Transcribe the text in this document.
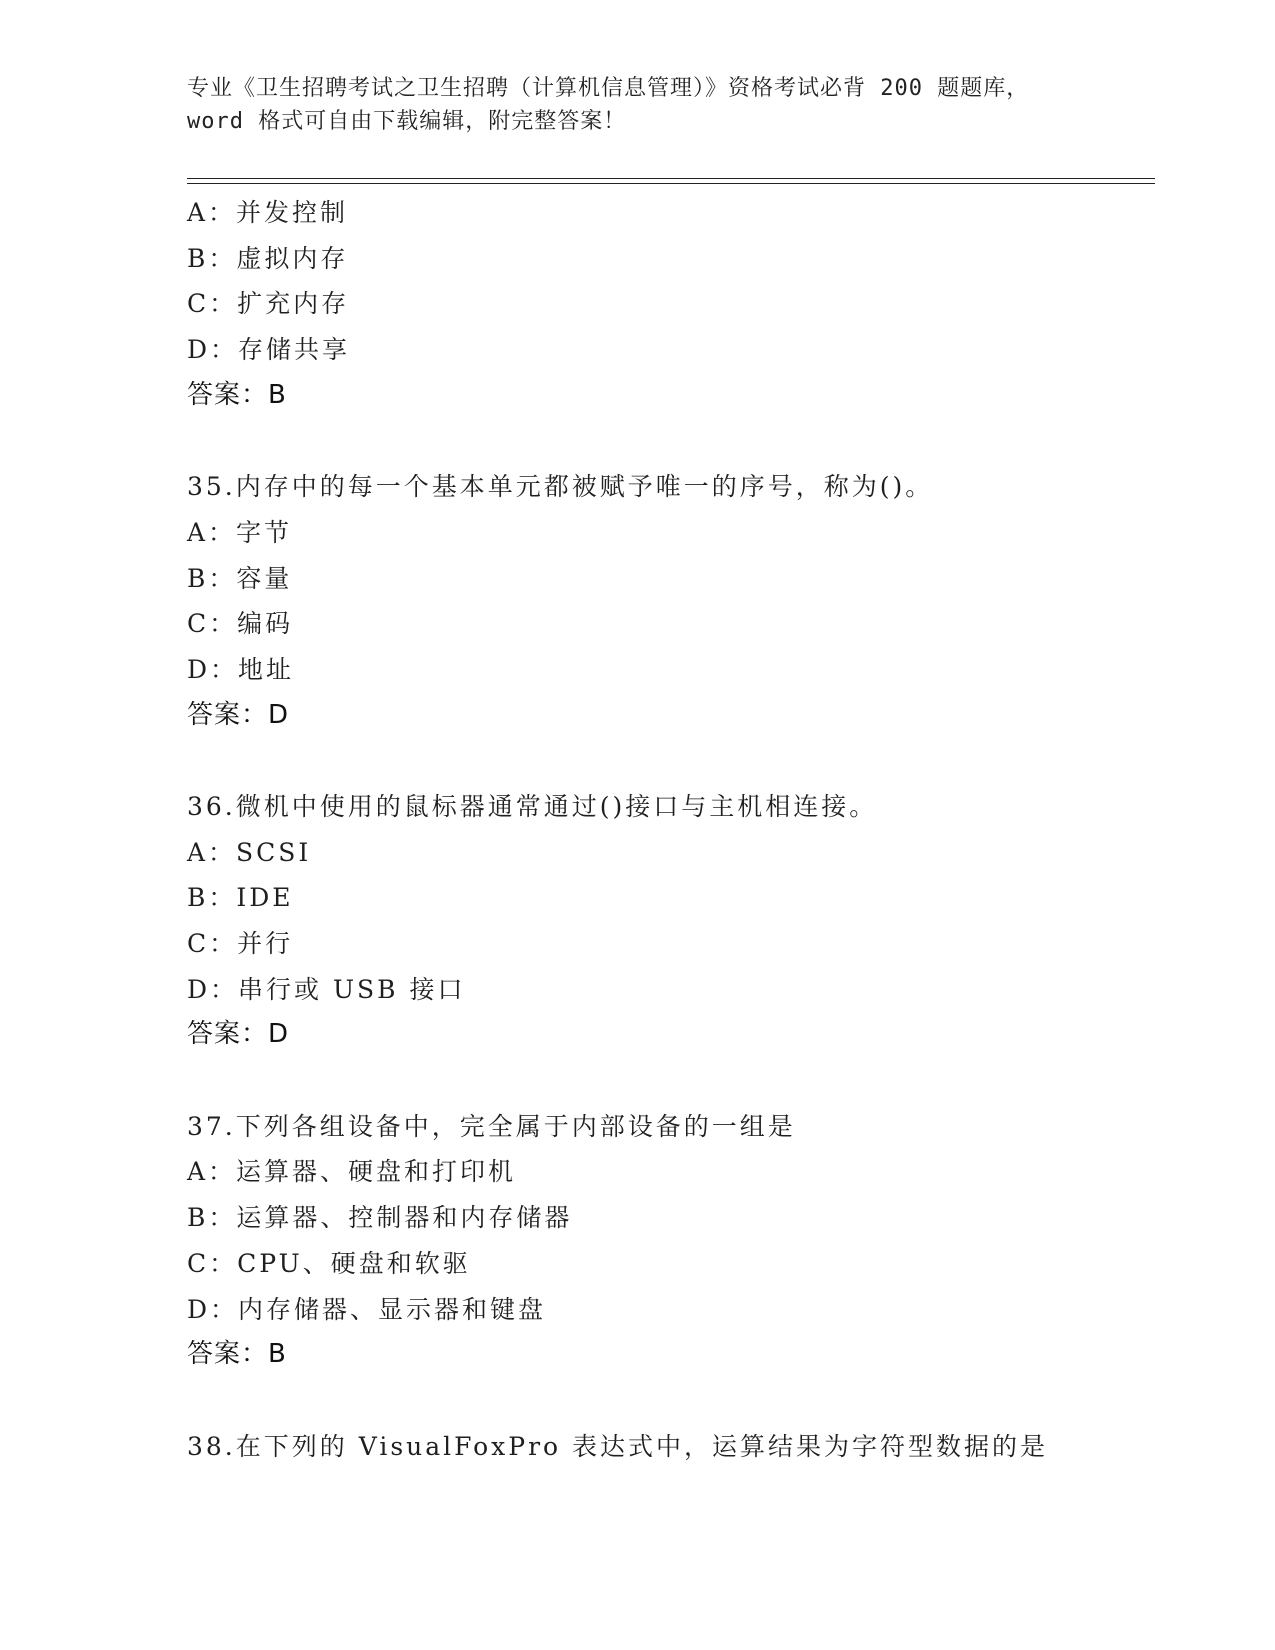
专业《卫生招聘考试之卫生招聘（计算机信息管理）》资格考试必背 200 题题库，
word 格式可自由下载编辑，附完整答案！
A：并发控制
B：虚拟内存
C：扩充内存
D：存储共享
答案：B
35.内存中的每一个基本单元都被赋予唯一的序号，称为()。
A：字节
B：容量
C：编码
D：地址
答案：D
36.微机中使用的鼠标器通常通过()接口与主机相连接。
A：SCSI
B：IDE
C：并行
D：串行或 USB 接口
答案：D
37.下列各组设备中，完全属于内部设备的一组是
A：运算器、硬盘和打印机
B：运算器、控制器和内存储器
C：CPU、硬盘和软驱
D：内存储器、显示器和键盘
答案：B
38.在下列的 VisualFoxPro 表达式中，运算结果为字符型数据的是
